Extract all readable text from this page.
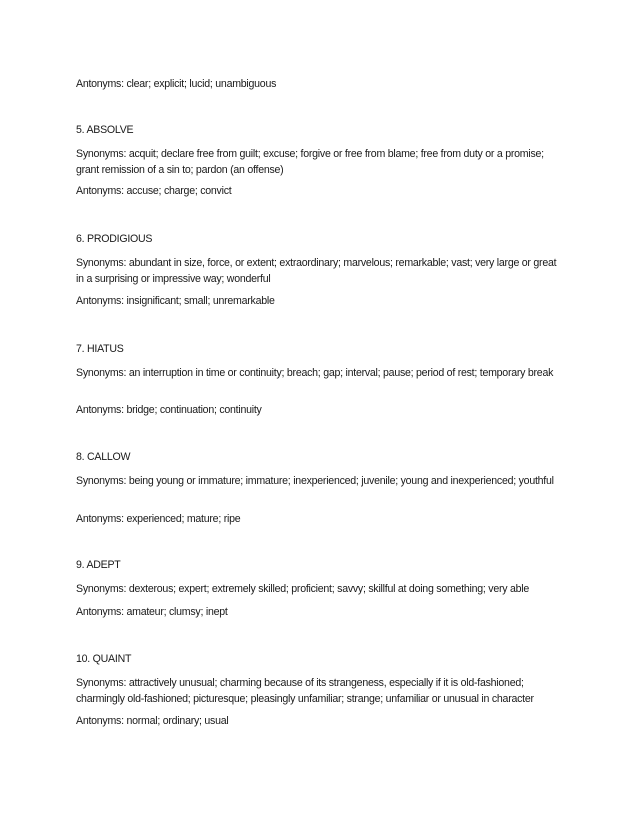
Antonyms: clear; explicit; lucid; unambiguous

5. ABSOLVE

Synonyms: acquit; declare free from guilt; excuse; forgive or free from blame; free from duty or a promise; grant remission of a sin to; pardon (an offense)

Antonyms: accuse; charge; convict

6. PRODIGIOUS

Synonyms: abundant in size, force, or extent; extraordinary; marvelous; remarkable; vast; very large or great in a surprising or impressive way; wonderful

Antonyms: insignificant; small; unremarkable

7. HIATUS

Synonyms: an interruption in time or continuity; breach; gap; interval; pause; period of rest; temporary break

Antonyms: bridge; continuation; continuity

8. CALLOW

Synonyms: being young or immature; immature; inexperienced; juvenile; young and inexperienced; youthful

Antonyms: experienced; mature; ripe

9. ADEPT

Synonyms: dexterous; expert; extremely skilled; proficient; savvy; skillful at doing something; very able

Antonyms: amateur; clumsy; inept

10. QUAINT

Synonyms: attractively unusual; charming because of its strangeness, especially if it is old-fashioned; charmingly old-fashioned; picturesque; pleasingly unfamiliar; strange; unfamiliar or unusual in character

Antonyms: normal; ordinary; usual
